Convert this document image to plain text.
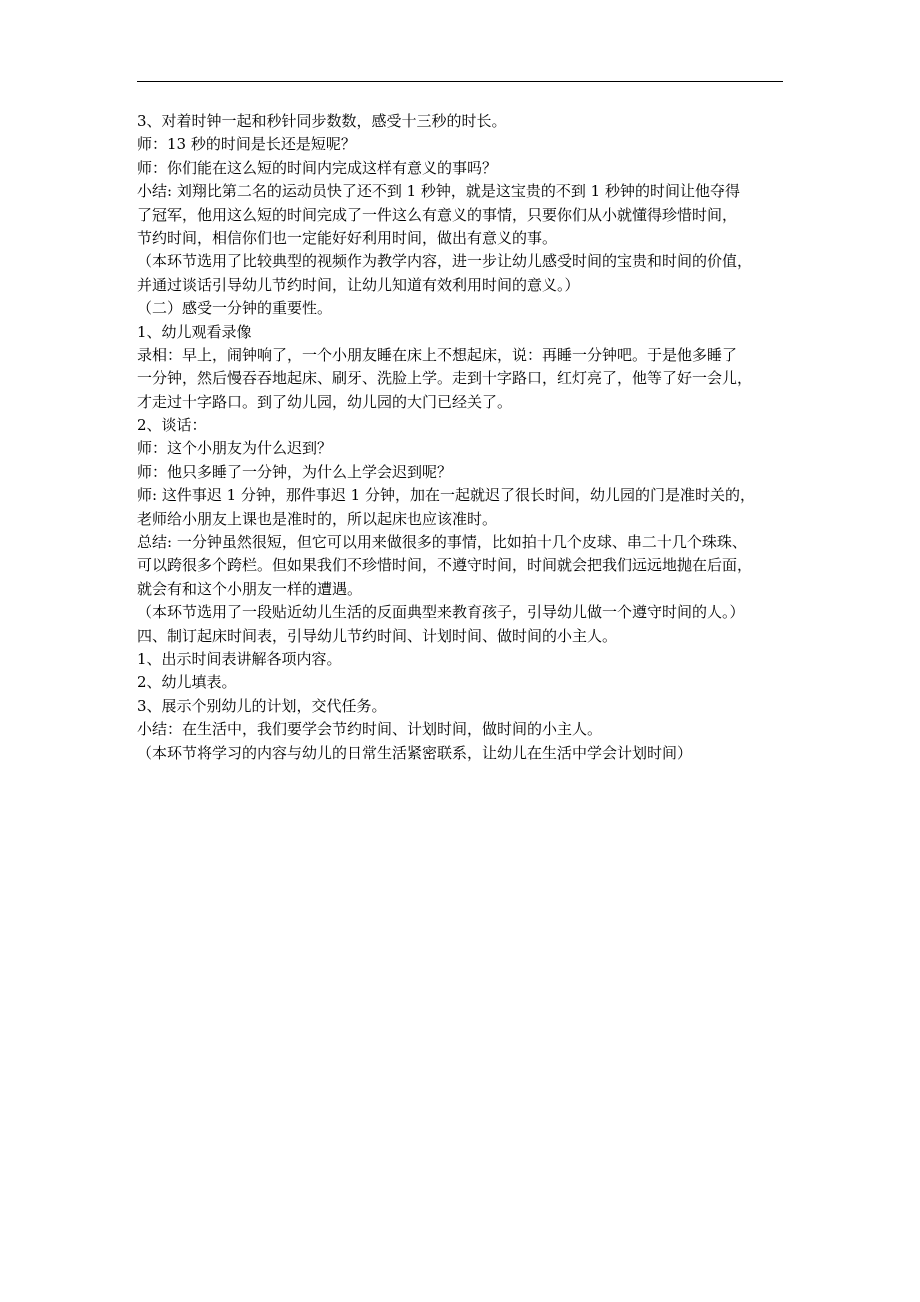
3、对着时钟一起和秒针同步数数，感受十三秒的时长。
师：13 秒的时间是长还是短呢？
师：你们能在这么短的时间内完成这样有意义的事吗？
小结: 刘翔比第二名的运动员快了还不到 1 秒钟，就是这宝贵的不到 1 秒钟的时间让他夺得
了冠军，他用这么短的时间完成了一件这么有意义的事情，只要你们从小就懂得珍惜时间，
节约时间，相信你们也一定能好好利用时间，做出有意义的事。
（本环节选用了比较典型的视频作为教学内容，进一步让幼儿感受时间的宝贵和时间的价值，
并通过谈话引导幼儿节约时间，让幼儿知道有效利用时间的意义。）
（二）感受一分钟的重要性。
1、幼儿观看录像
录相：早上，闹钟响了，一个小朋友睡在床上不想起床，说：再睡一分钟吧。于是他多睡了
一分钟，然后慢吞吞地起床、刷牙、洗脸上学。走到十字路口，红灯亮了，他等了好一会儿，
才走过十字路口。到了幼儿园，幼儿园的大门已经关了。
2、谈话：
师：这个小朋友为什么迟到？
师：他只多睡了一分钟，为什么上学会迟到呢？
师: 这件事迟 1 分钟，那件事迟 1 分钟，加在一起就迟了很长时间，幼儿园的门是准时关的，
老师给小朋友上课也是准时的，所以起床也应该准时。
总结: 一分钟虽然很短，但它可以用来做很多的事情，比如拍十几个皮球、串二十几个珠珠、
可以跨很多个跨栏。但如果我们不珍惜时间，不遵守时间，时间就会把我们远远地抛在后面，
就会有和这个小朋友一样的遭遇。
（本环节选用了一段贴近幼儿生活的反面典型来教育孩子，引导幼儿做一个遵守时间的人。）
四、制订起床时间表，引导幼儿节约时间、计划时间、做时间的小主人。
1、出示时间表讲解各项内容。
2、幼儿填表。
3、展示个别幼儿的计划，交代任务。
小结：在生活中，我们要学会节约时间、计划时间，做时间的小主人。
（本环节将学习的内容与幼儿的日常生活紧密联系，让幼儿在生活中学会计划时间）
